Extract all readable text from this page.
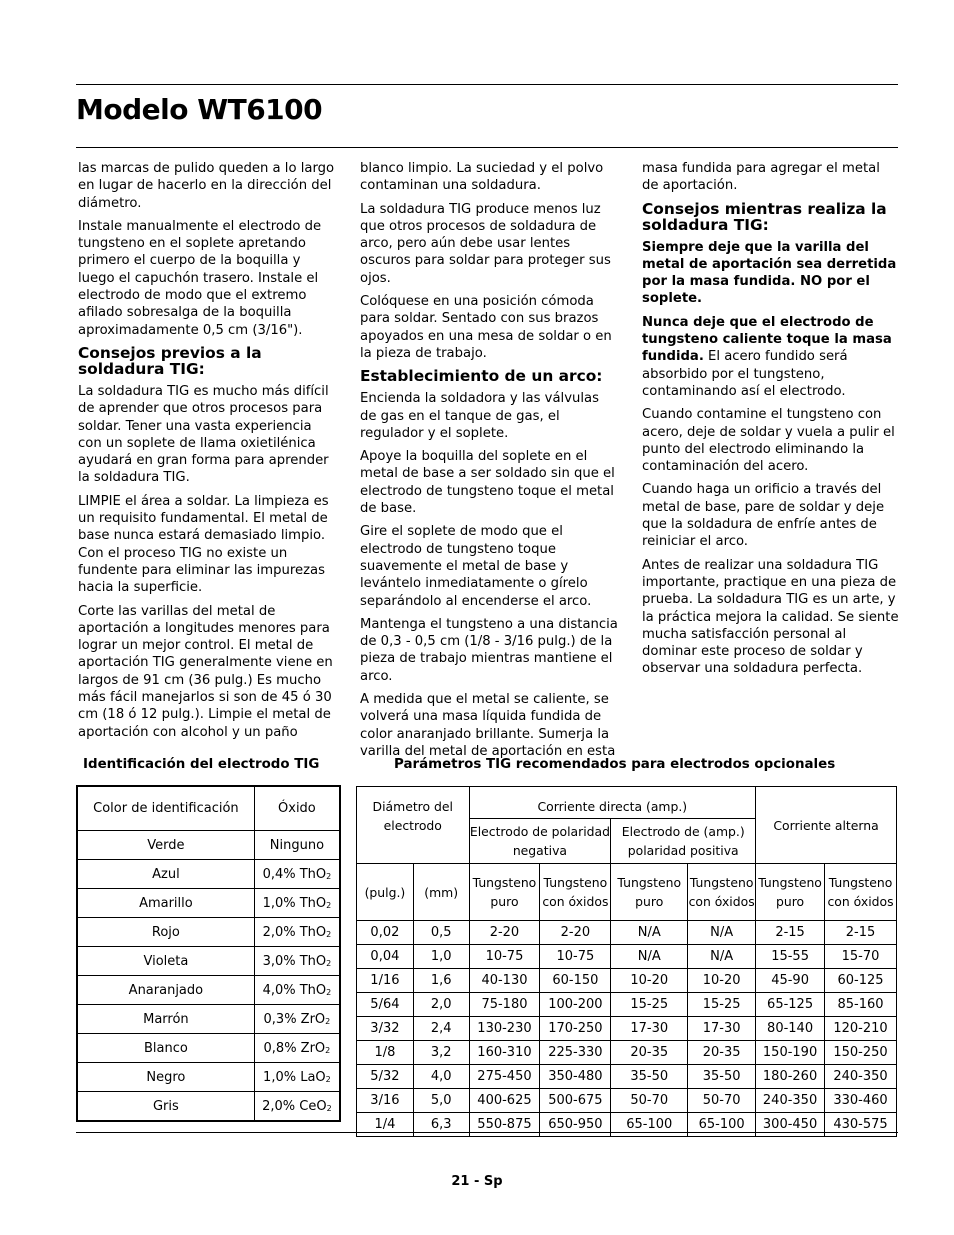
Modelo WT6100

las marcas de pulido queden a lo largo en lugar de hacerlo en la dirección del diámetro.

Instale manualmente el electrodo de tungsteno en el soplete apretando primero el cuerpo de la boquilla y luego el capuchón trasero. Instale el electrodo de modo que el extremo afilado sobresalga de la boquilla aproximadamente 0,5 cm (3/16").

Consejos previos a la soldadura TIG:

La soldadura TIG es mucho más difícil de aprender que otros procesos para soldar. Tener una vasta experiencia con un soplete de llama oxietilénica ayudará en gran forma para aprender la soldadura TIG.

LIMPIE el área a soldar. La limpieza es un requisito fundamental. El metal de base nunca estará demasiado limpio. Con el proceso TIG no existe un fundente para eliminar las impurezas hacia la superficie.

Corte las varillas del metal de aportación a longitudes menores para lograr un mejor control. El metal de aportación TIG generalmente viene en largos de 91 cm (36 pulg.) Es mucho más fácil manejarlos si son de 45 ó 30 cm (18 ó 12 pulg.). Limpie el metal de aportación con alcohol y un paño

blanco limpio. La suciedad y el polvo contaminan una soldadura.

La soldadura TIG produce menos luz que otros procesos de soldadura de arco, pero aún debe usar lentes oscuros para soldar para proteger sus ojos.

Colóquese en una posición cómoda para soldar. Sentado con sus brazos apoyados en una mesa de soldar o en la pieza de trabajo.

Establecimiento de un arco:

Encienda la soldadora y las válvulas de gas en el tanque de gas, el regulador y el soplete.

Apoye la boquilla del soplete en el metal de base a ser soldado sin que el electrodo de tungsteno toque el metal de base.

Gire el soplete de modo que el electrodo de tungsteno toque suavemente el metal de base y levántelo inmediatamente o gírelo separándolo al encenderse el arco.

Mantenga el tungsteno a una distancia de 0,3 - 0,5 cm (1/8 - 3/16 pulg.) de la pieza de trabajo mientras mantiene el arco.

A medida que el metal se caliente, se volverá una masa líquida fundida de color anaranjado brillante. Sumerja la varilla del metal de aportación en esta

masa fundida para agregar el metal de aportación.

Consejos mientras realiza la soldadura TIG:

Siempre deje que la varilla del metal de aportación sea derretida por la masa fundida. NO por el soplete.

Nunca deje que el electrodo de tungsteno caliente toque la masa fundida. El acero fundido será absorbido por el tungsteno, contaminando así el electrodo.

Cuando contamine el tungsteno con acero, deje de soldar y vuela a pulir el punto del electrodo eliminando la contaminación del acero.

Cuando haga un orificio a través del metal de base, pare de soldar y deje que la soldadura de enfríe antes de reiniciar el arco.

Antes de realizar una soldadura TIG importante, practique en una pieza de prueba. La soldadura TIG es un arte, y la práctica mejora la calidad. Se siente mucha satisfacción personal al dominar este proceso de soldar y observar una soldadura perfecta.

Identificación del electrodo TIG	Parámetros TIG recomendados para electrodos opcionales
Color de identificación	Óxido
Verde	Ninguno
Azul	0,4% ThO$_2$
Amarillo	1,0% ThO$_2$
Rojo	2,0% ThO$_2$
Violeta	3,0% ThO$_2$
Anaranjado	4,0% ThO$_2$
Marrón	0,3% ZrO$_2$
Blanco	0,8% ZrO$_2$
Negro	1,0% LaO$_2$
Gris	2,0% CeO$_2$
Diámetro del electrodo		Corriente directa (amp.)				Corriente alterna	
		Electrodo de polaridad negativa		Electrodo de (amp.) polaridad positiva			
(pulg.)	(mm)	Tungsteno puro	Tungsteno con óxidos	Tungsteno puro	Tungsteno con óxidos	Tungsteno puro	Tungsteno con óxidos
0,02	0,5	2-20	2-20	N/A	N/A	2-15	2-15
0,04	1,0	10-75	10-75	N/A	N/A	15-55	15-70
1/16	1,6	40-130	60-150	10-20	10-20	45-90	60-125
5/64	2,0	75-180	100-200	15-25	15-25	65-125	85-160
3/32	2,4	130-230	170-250	17-30	17-30	80-140	120-210
1/8	3,2	160-310	225-330	20-35	20-35	150-190	150-250
5/32	4,0	275-450	350-480	35-50	35-50	180-260	240-350
3/16	5,0	400-625	500-675	50-70	50-70	240-350	330-460
1/4	6,3	550-875	650-950	65-100	65-100	300-450	430-575
21 - Sp
